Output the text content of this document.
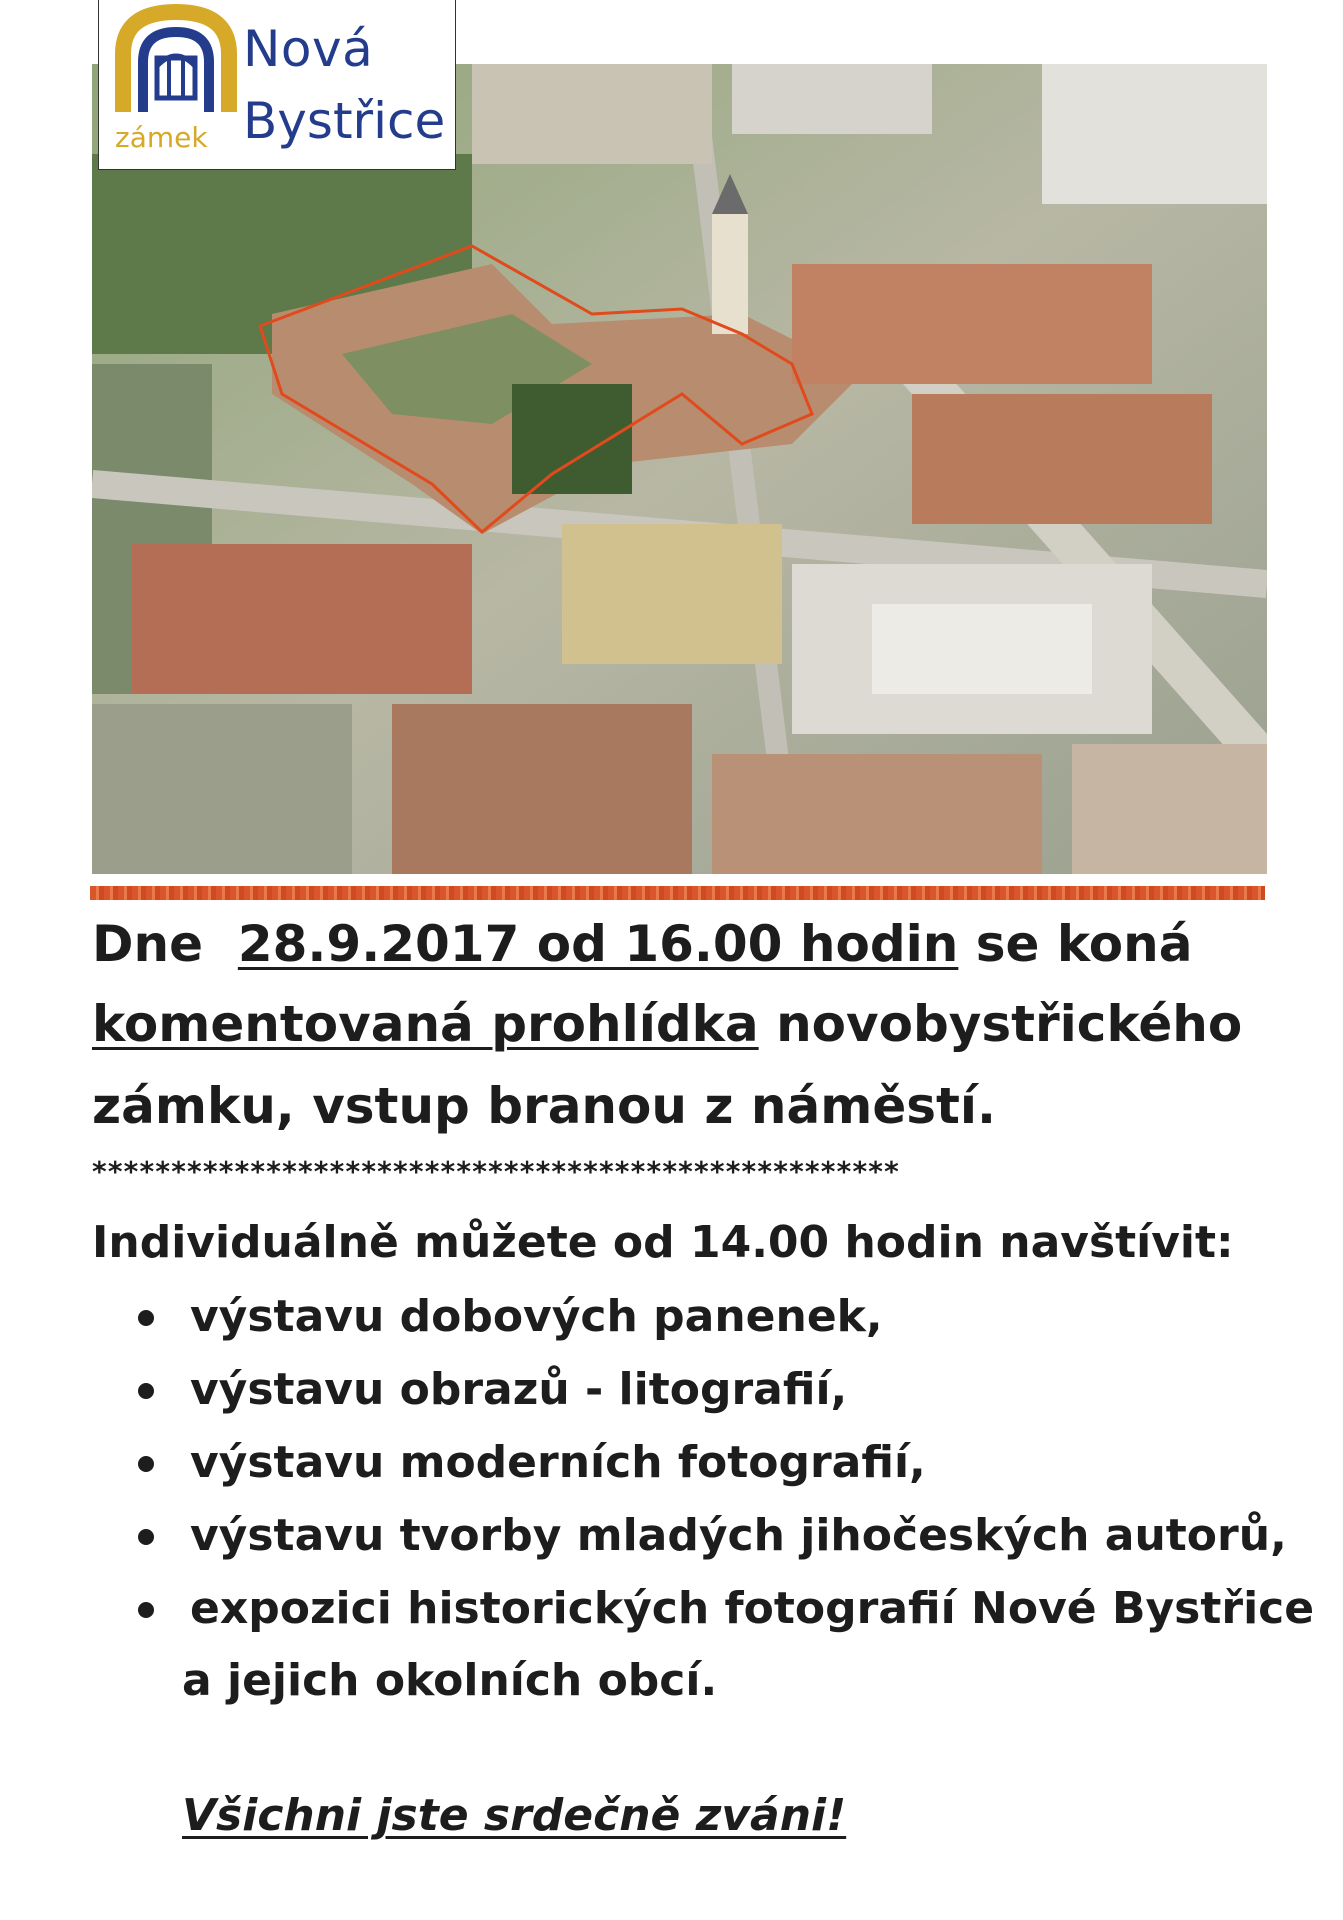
Nová
Bystřice
zámek
Dne 28.9.2017 od 16.00 hodin se koná
komentovaná prohlídka novobystřického
zámku, vstup branou z náměstí.
***************************************************
Individuálně můžete od 14.00 hodin navštívit:
výstavu dobových panenek,
výstavu obrazů - litografií,
výstavu moderních fotografií,
výstavu tvorby mladých jihočeských autorů,
expozici historických fotografií Nové Bystřice
a jejich okolních obcí.
Všichni jste srdečně zváni!
